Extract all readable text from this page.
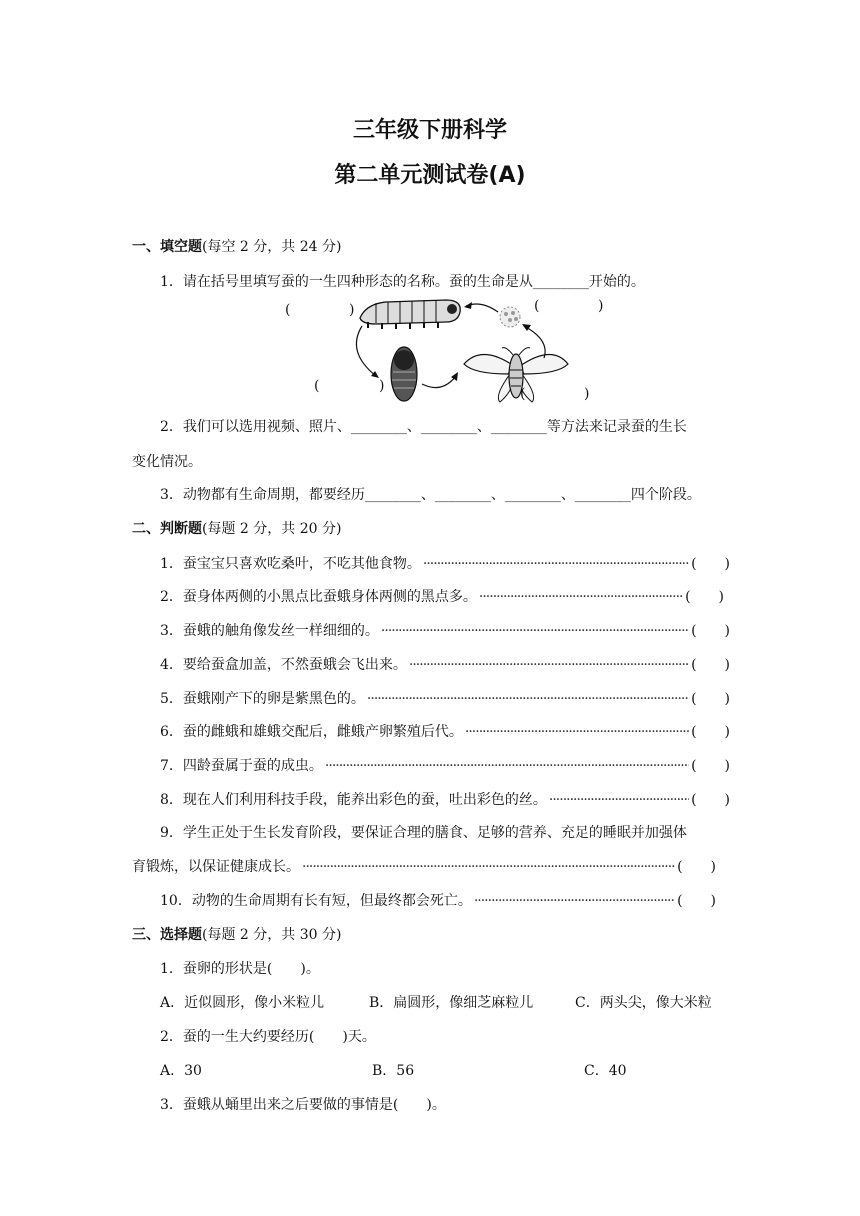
三年级下册科学
第二单元测试卷(A)
一、填空题(每空 2 分，共 24 分)
1．请在括号里填写蚕的一生四种形态的名称。蚕的生命是从________开始的。
(	)	(	)
(	)	(	)
2．我们可以选用视频、照片、________、________、________等方法来记录蚕的生长
变化情况。
3．动物都有生命周期，都要经历________、________、________、________四个阶段。
二、判断题(每题 2 分，共 20 分)
1．蚕宝宝只喜欢吃桑叶，不吃其他食物。 ·····	(　　)
2．蚕身体两侧的小黑点比蚕蛾身体两侧的黑点多。 ·····	(　　)
3．蚕蛾的触角像发丝一样细细的。 ·····	(　　)
4．要给蚕盒加盖，不然蚕蛾会飞出来。 ·····	(　　)
5．蚕蛾刚产下的卵是紫黑色的。 ·····	(　　)
6．蚕的雌蛾和雄蛾交配后，雌蛾产卵繁殖后代。 ·····	(　　)
7．四龄蚕属于蚕的成虫。 ·····	(　　)
8．现在人们利用科技手段，能养出彩色的蚕，吐出彩色的丝。 ·····	(　　)
9．学生正处于生长发育阶段，要保证合理的膳食、足够的营养、充足的睡眠并加强体
育锻炼，以保证健康成长。 ·····	(　　)
10．动物的生命周期有长有短，但最终都会死亡。 ·····	(　　)
三、选择题(每题 2 分，共 30 分)
1．蚕卵的形状是(　　)。
A．近似圆形，像小米粒儿	B．扁圆形，像细芝麻粒儿	C．两头尖，像大米粒
2．蚕的一生大约要经历(　　)天。
A．30	B．56	C．40
3．蚕蛾从蛹里出来之后要做的事情是(　　)。
